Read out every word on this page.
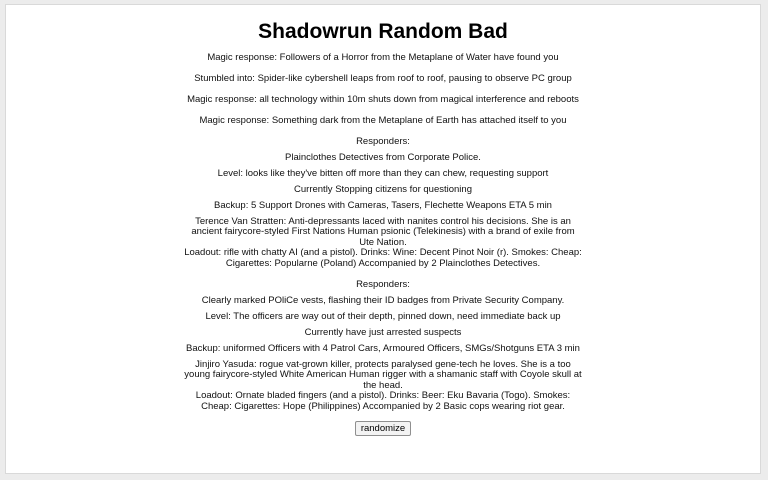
Shadowrun Random Bad
Magic response: Followers of a Horror from the Metaplane of Water have found you
Stumbled into: Spider-like cybershell leaps from roof to roof, pausing to observe PC group
Magic response: all technology within 10m shuts down from magical interference and reboots
Magic response: Something dark from the Metaplane of Earth has attached itself to you
Responders:
Plainclothes Detectives from Corporate Police.
Level: looks like they've bitten off more than they can chew, requesting support
Currently Stopping citizens for questioning
Backup: 5 Support Drones with Cameras, Tasers, Flechette Weapons ETA 5 min

Terence Van Stratten: Anti-depressants laced with nanites control his decisions. She is an ancient fairycore-styled First Nations Human psionic (Telekinesis) with a brand of exile from Ute Nation.

Loadout: rifle with chatty AI (and a pistol). Drinks: Wine: Decent Pinot Noir (r). Smokes: Cheap: Cigarettes: Popularne (Poland) Accompanied by 2 Plainclothes Detectives.

Responders:
Clearly marked POliCe vests, flashing their ID badges from Private Security Company.
Level: The officers are way out of their depth, pinned down, need immediate back up
Currently have just arrested suspects
Backup: uniformed Officers with 4 Patrol Cars, Armoured Officers, SMGs/Shotguns ETA 3 min

Jinjiro Yasuda: rogue vat-grown killer, protects paralysed gene-tech he loves. She is a too young fairycore-styled White American Human rigger with a shamanic staff with Coyole skull at the head.

Loadout: Ornate bladed fingers (and a pistol). Drinks: Beer: Eku Bavaria (Togo). Smokes: Cheap: Cigarettes: Hope (Philippines) Accompanied by 2 Basic cops wearing riot gear.

randomize
